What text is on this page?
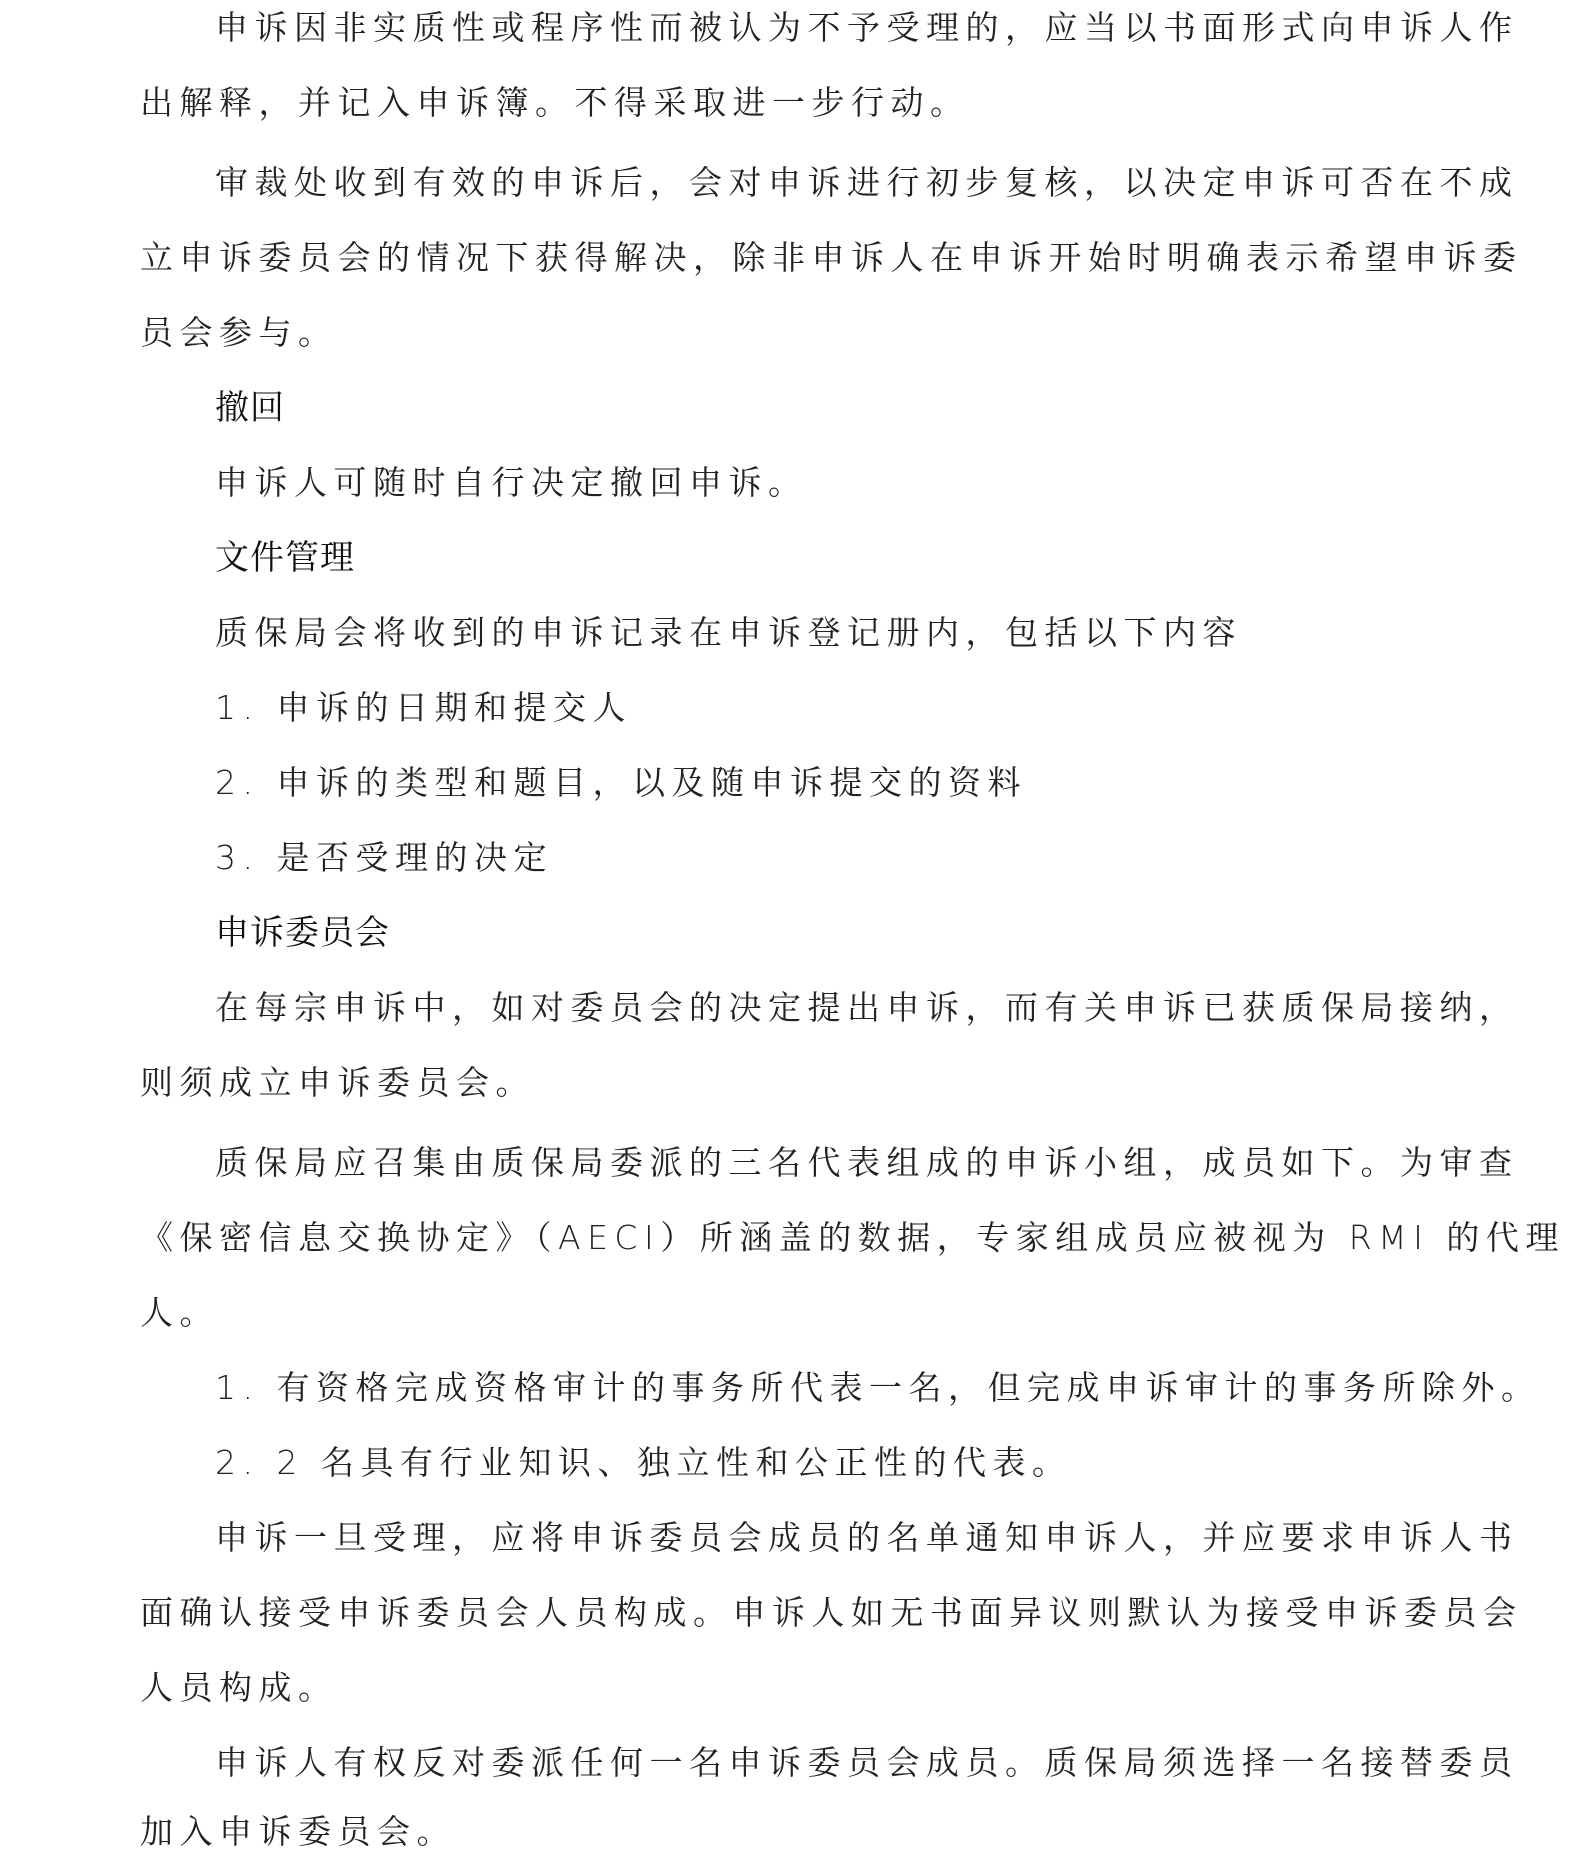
申诉因非实质性或程序性而被认为不予受理的，应当以书面形式向申诉人作
出解释，并记入申诉簿。不得采取进一步行动。
审裁处收到有效的申诉后，会对申诉进行初步复核，以决定申诉可否在不成
立申诉委员会的情况下获得解决，除非申诉人在申诉开始时明确表示希望申诉委
员会参与。
撤回
申诉人可随时自行决定撤回申诉。
文件管理
质保局会将收到的申诉记录在申诉登记册内，包括以下内容
1. 申诉的日期和提交人
2. 申诉的类型和题目，以及随申诉提交的资料
3. 是否受理的决定
申诉委员会
在每宗申诉中，如对委员会的决定提出申诉，而有关申诉已获质保局接纳，
则须成立申诉委员会。
质保局应召集由质保局委派的三名代表组成的申诉小组，成员如下。为审查
《保密信息交换协定》（AECI）所涵盖的数据，专家组成员应被视为 RMI 的代理
人。
1. 有资格完成资格审计的事务所代表一名，但完成申诉审计的事务所除外。
2. 2 名具有行业知识、独立性和公正性的代表。
申诉一旦受理，应将申诉委员会成员的名单通知申诉人，并应要求申诉人书
面确认接受申诉委员会人员构成。申诉人如无书面异议则默认为接受申诉委员会
人员构成。
申诉人有权反对委派任何一名申诉委员会成员。质保局须选择一名接替委员
加入申诉委员会。
